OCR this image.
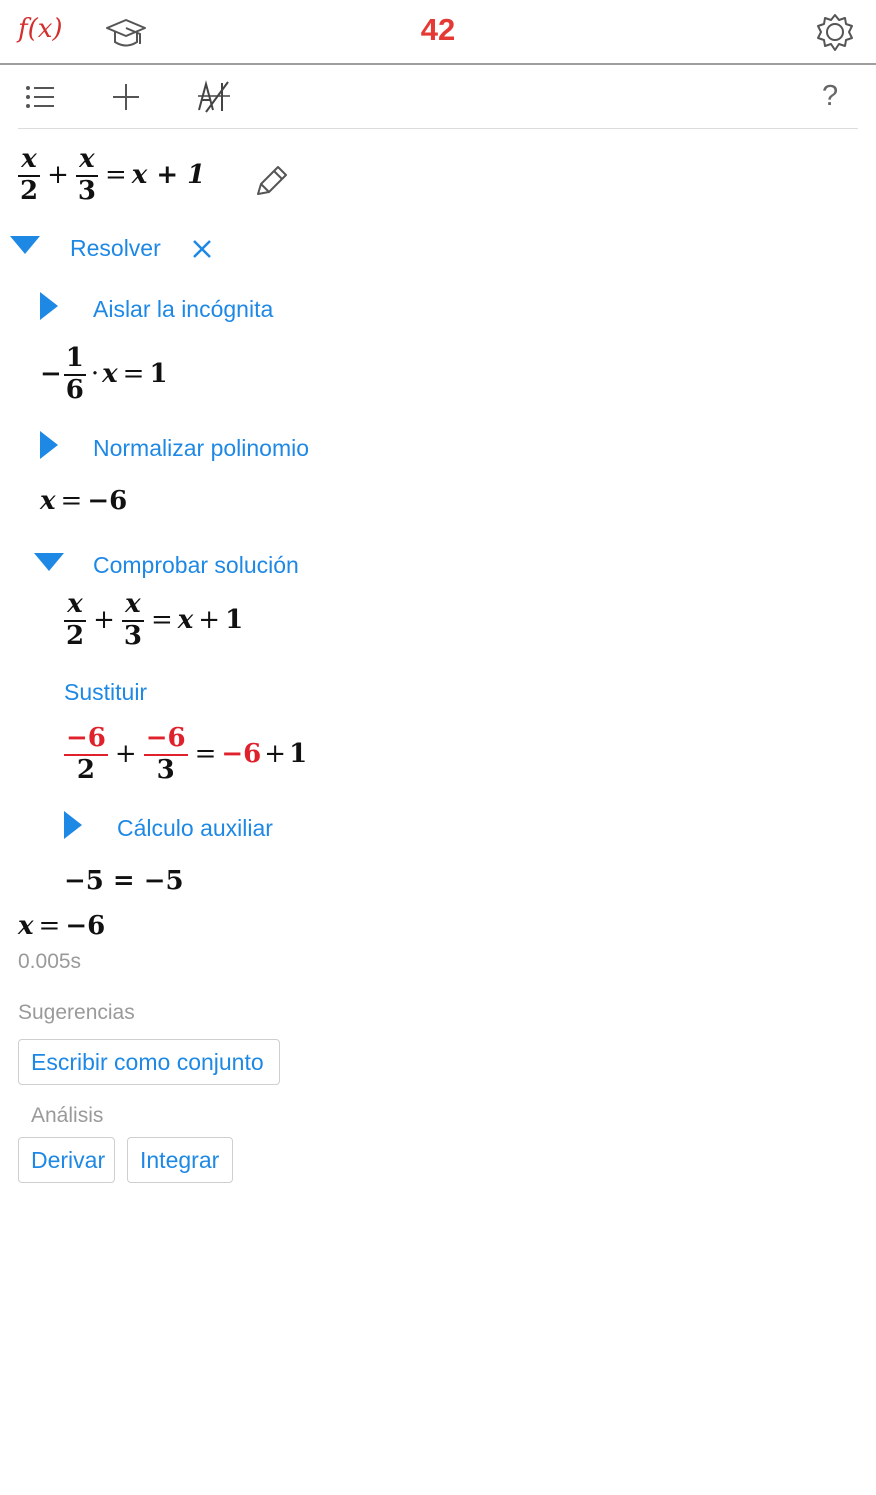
f(x)	42
?
$\frac{x}{2} + \frac{x}{3} = x + 1$
Resolver
Aislar la incógnita
− $\frac{1}{6} \cdot x = 1$
Normalizar polinomio
x = −6
Comprobar solución
$\frac{x}{2} + \frac{x}{3} = x + 1$
Sustituir
$\frac{-6}{2} + \frac{-6}{3} = -6 + 1$
Cálculo auxiliar
−5 = −5
x = −6
0.005s
Sugerencias
Escribir como conjunto
Análisis
Derivar	Integrar
